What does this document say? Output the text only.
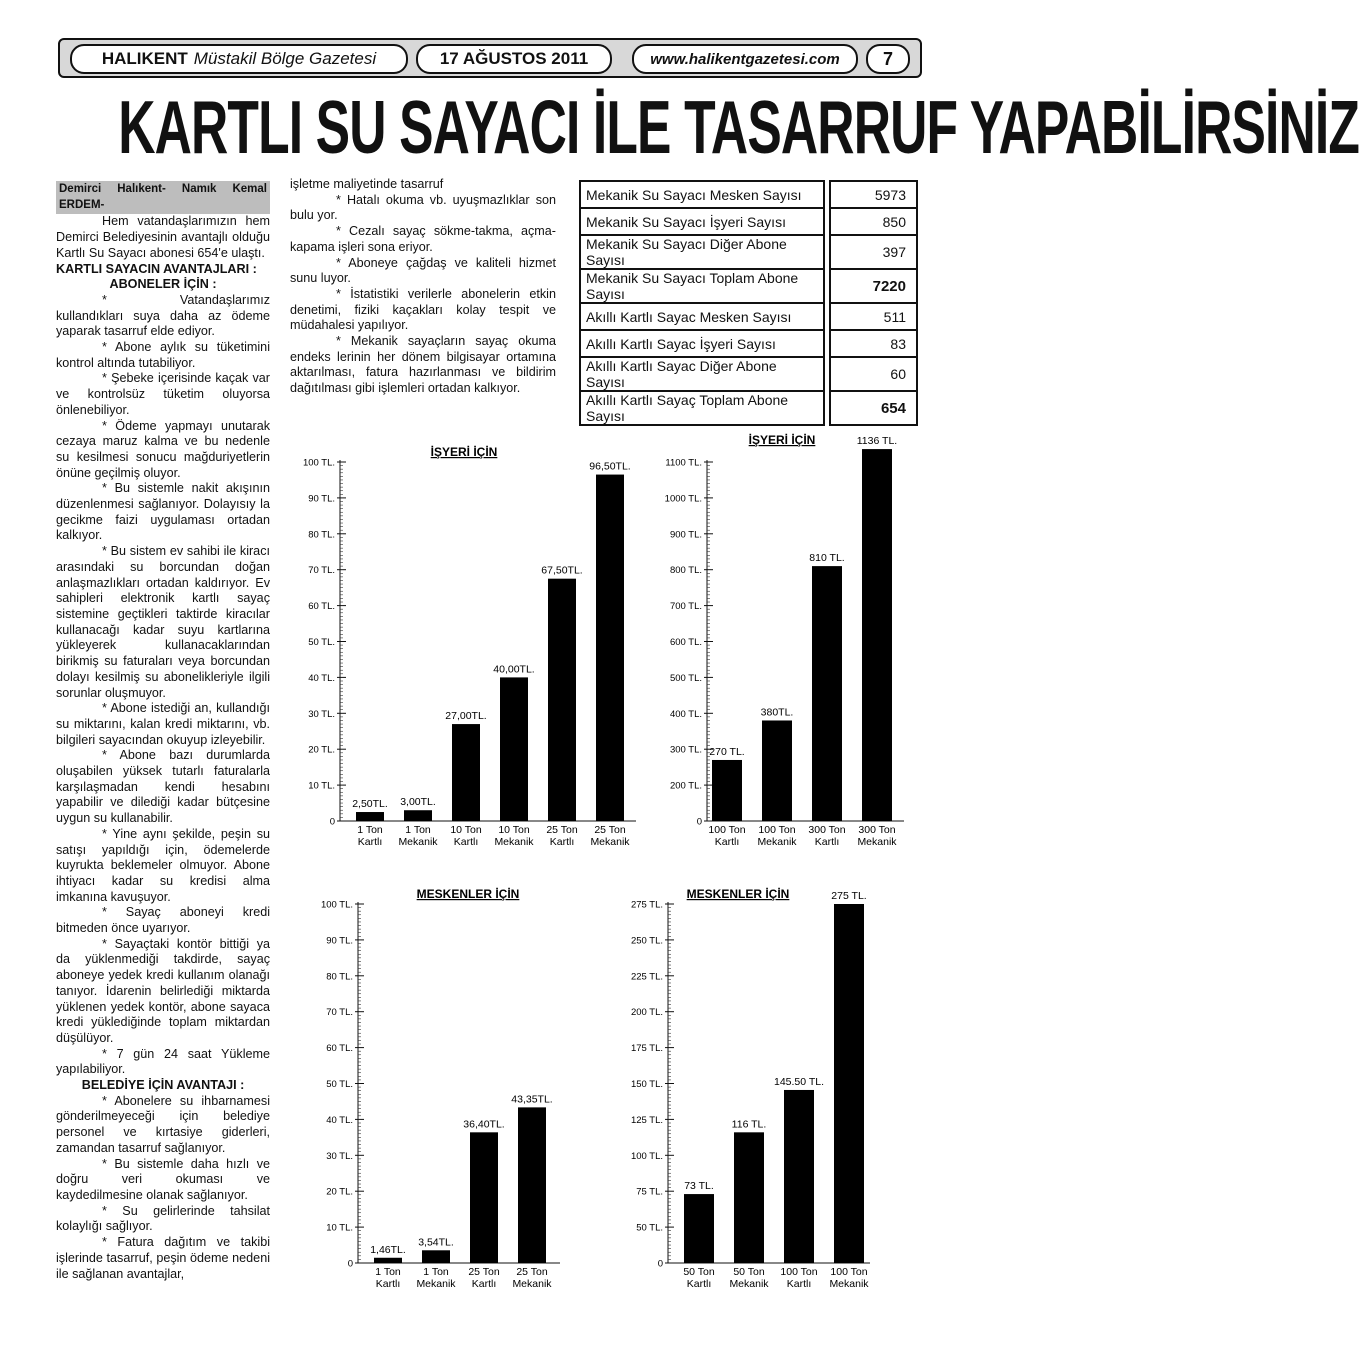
HALIKENT Müstakil Bölge Gazetesi	17 AĞUSTOS 2011	www.halikentgazetesi.com	7
KARTLI SU SAYACI İLE TASARRUF YAPABİLİRSİNİZ
Demirci Halıkent- Namık Kemal ERDEM-

Hem vatandaşlarımızın hem Demirci Belediyesinin avantajlı olduğu Kartlı Su Sayacı abonesi 654'e ulaştı.

KARTLI SAYACIN AVANTAJLARI :

ABONELER İÇİN :

* Vatandaşlarımız kullandıkları suya daha az ödeme yaparak tasarruf elde ediyor.

* Abone aylık su tüketimini kontrol altında tutabiliyor.

* Şebeke içerisinde kaçak var ve kontrolsüz tüketim oluyorsa önlenebiliyor.

* Ödeme yapmayı unutarak cezaya maruz kalma ve bu nedenle su kesilmesi sonucu mağduriyetlerin önüne geçilmiş oluyor.

* Bu sistemle nakit akışının düzenlenmesi sağlanıyor. Dolayısıy la gecikme faizi uygulaması ortadan kalkıyor.

* Bu sistem ev sahibi ile kiracı arasındaki su borcundan doğan anlaşmazlıkları ortadan kaldırıyor. Ev sahipleri elektronik kartlı sayaç sistemine geçtikleri taktirde kiracılar kullanacağı kadar suyu kartlarına yükleyerek kullanacaklarından birikmiş su faturaları veya borcundan dolayı kesilmiş su abonelikleriyle ilgili sorunlar oluşmuyor.

* Abone istediği an, kullandığı su miktarını, kalan kredi miktarını, vb. bilgileri sayacından okuyup izleyebilir.

* Abone bazı durumlarda oluşabilen yüksek tutarlı faturalarla karşılaşmadan kendi hesabını yapabilir ve dilediği kadar bütçesine uygun su kullanabilir.

* Yine aynı şekilde, peşin su satışı yapıldığı için, ödemelerde kuyrukta beklemeler olmuyor. Abone ihtiyacı kadar su kredisi alma imkanına kavuşuyor.

* Sayaç aboneyi kredi bitmeden önce uyarıyor.

* Sayaçtaki kontör bittiği ya da yüklenmediği takdirde, sayaç aboneye yedek kredi kullanım olanağı tanıyor. İdarenin belirlediği miktarda yüklenen yedek kontör, abone sayaca kredi yüklediğinde toplam miktardan düşülüyor.

* 7 gün 24 saat Yükleme yapılabiliyor.

BELEDİYE İÇİN AVANTAJI :

* Abonelere su ihbarnamesi gönderilmeyeceği için belediye personel ve kırtasiye giderleri, zamandan tasarruf sağlanıyor.

* Bu sistemle daha hızlı ve doğru veri okuması ve kaydedilmesine olanak sağlanıyor.

* Su gelirlerinde tahsilat kolaylığı sağlıyor.

* Fatura dağıtım ve takibi işlerinde tasarruf, peşin ödeme nedeni ile sağlanan avantajlar,

işletme maliyetinde tasarruf

* Hatalı okuma vb. uyuşmazlıklar son bulu yor.

* Cezalı sayaç sökme-takma, açma-kapama işleri sona eriyor.

* Aboneye çağdaş ve kaliteli hizmet sunu luyor.

* İstatistiki verilerle abonelerin etkin denetimi, fiziki kaçakları kolay tespit ve müdahalesi yapılıyor.

* Mekanik sayaçların sayaç okuma endeks lerinin her dönem bilgisayar ortamına aktarılması, fatura hazırlanması ve bildirim dağıtılması gibi işlemleri ortadan kalkıyor.

Mekanik Su Sayacı Mesken Sayısı		5973
Mekanik Su Sayacı İşyeri Sayısı		850
Mekanik Su Sayacı Diğer Abone Sayısı		397
Mekanik Su Sayacı Toplam Abone Sayısı		7220
Akıllı Kartlı Sayac Mesken Sayısı		511
Akıllı Kartlı Sayac İşyeri Sayısı		83
Akıllı Kartlı Sayac Diğer Abone Sayısı		60
Akıllı Kartlı Sayaç Toplam Abone Sayısı		654
İŞYERİ İÇİN
0
10 TL.
20 TL.
30 TL.
40 TL.
50 TL.
60 TL.
70 TL.
80 TL.
90 TL.
100 TL.
2,50TL.
1 Ton
Kartlı
3,00TL.
1 Ton
Mekanik
27,00TL.
10 Ton
Kartlı
40,00TL.
10 Ton
Mekanik
67,50TL.
25 Ton
Kartlı
96,50TL.
25 Ton
Mekanik
İŞYERİ İÇİN
0
200 TL.
300 TL.
400 TL.
500 TL.
600 TL.
700 TL.
800 TL.
900 TL.
1000 TL.
1100 TL.
270 TL.
100 Ton
Kartlı
380TL.
100 Ton
Mekanik
810 TL.
300 Ton
Kartlı
1136 TL.
300 Ton
Mekanik
MESKENLER İÇİN
0
10 TL.
20 TL.
30 TL.
40 TL.
50 TL.
60 TL.
70 TL.
80 TL.
90 TL.
100 TL.
1,46TL.
1 Ton
Kartlı
3,54TL.
1 Ton
Mekanik
36,40TL.
25 Ton
Kartlı
43,35TL.
25 Ton
Mekanik
MESKENLER İÇİN
0
50 TL.
75 TL.
100 TL.
125 TL.
150 TL.
175 TL.
200 TL.
225 TL.
250 TL.
275 TL.
73 TL.
50 Ton
Kartlı
116 TL.
50 Ton
Mekanik
145.50 TL.
100 Ton
Kartlı
275 TL.
100 Ton
Mekanik
